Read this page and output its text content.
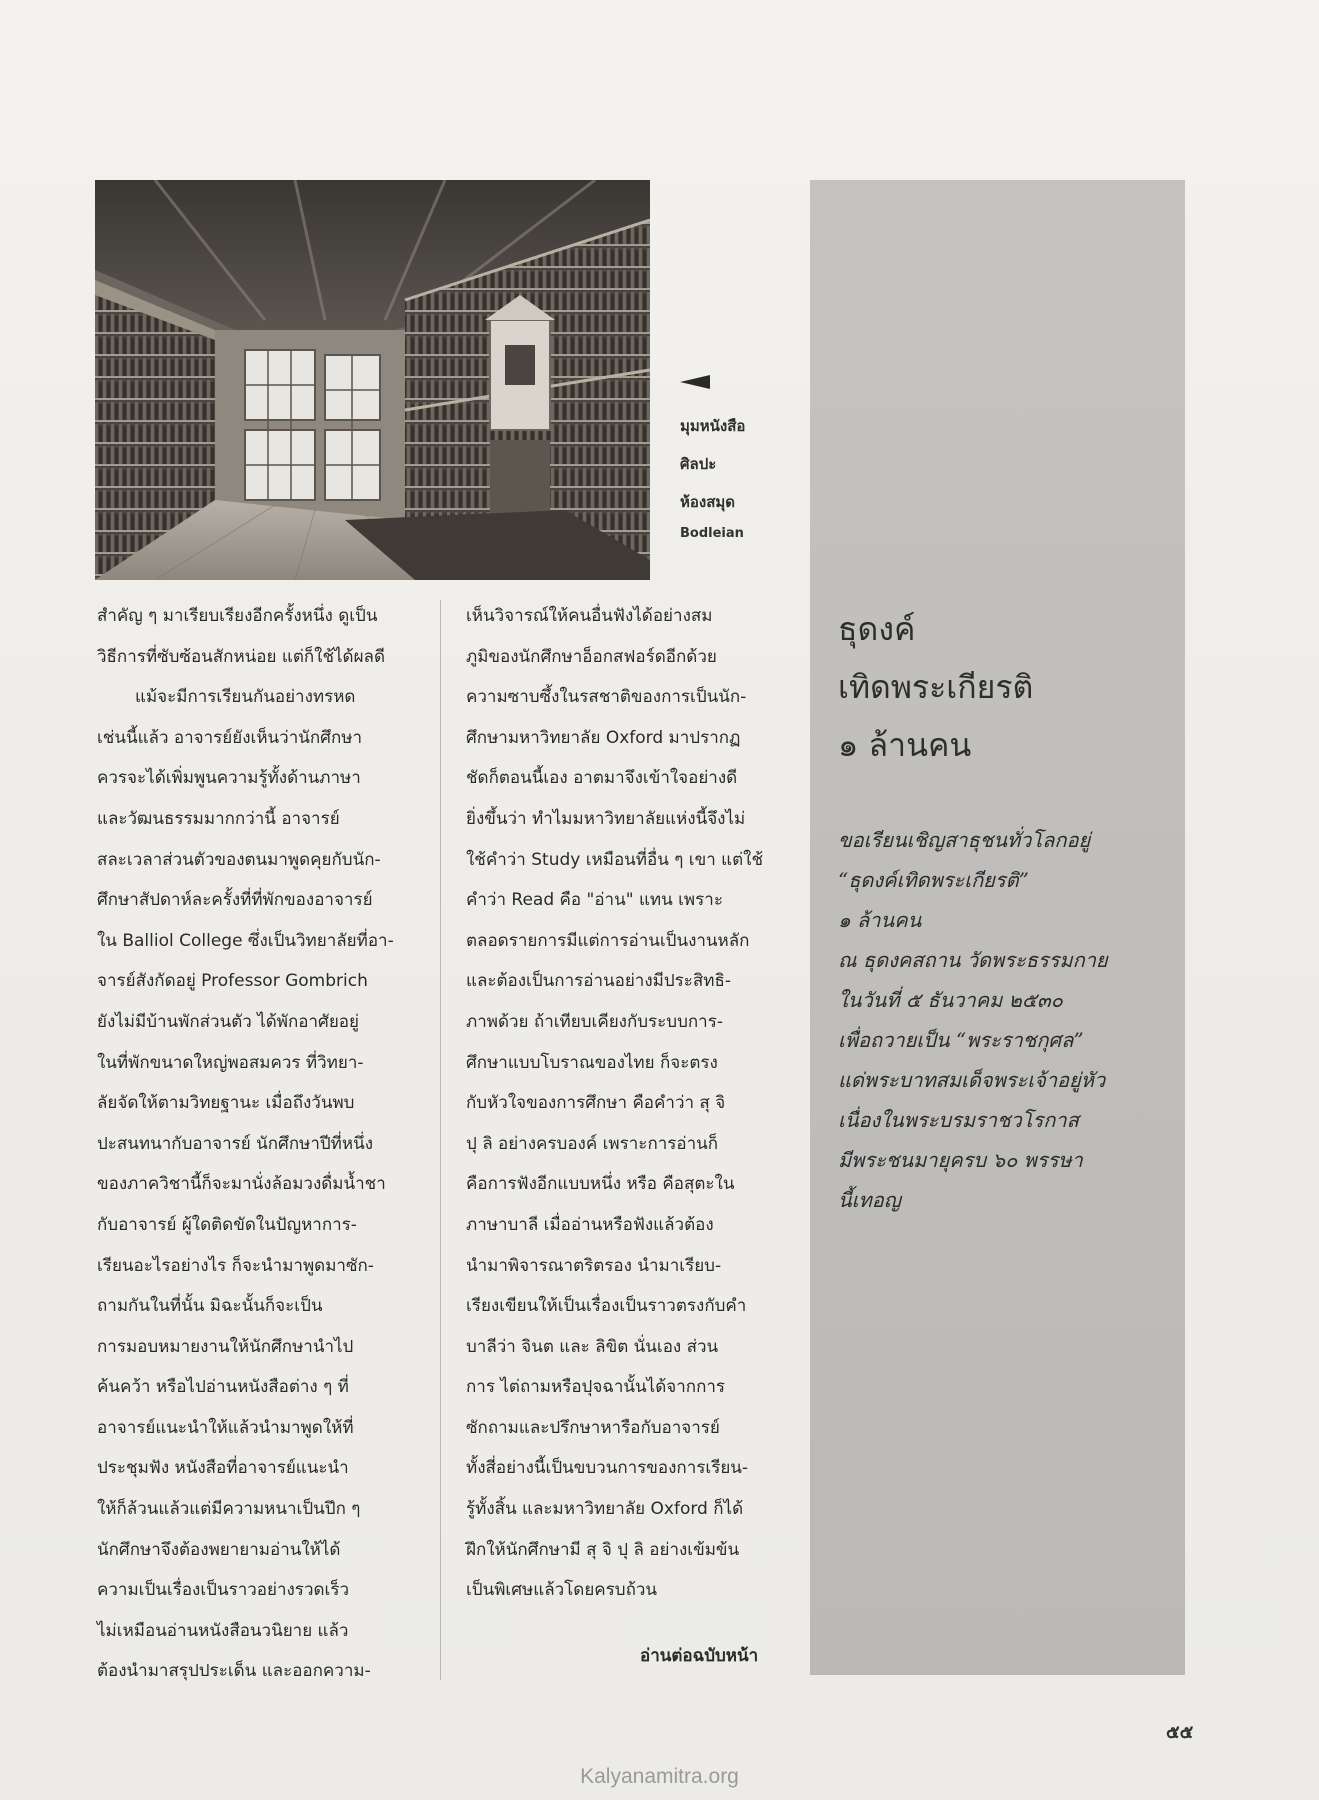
มุมหนังสือ
ศิลปะ
ห้องสมุด
Bodleian

สำคัญ ๆ มาเรียบเรียงอีกครั้งหนึ่ง ดูเป็น

วิธีการที่ซับซ้อนสักหน่อย แต่ก็ใช้ได้ผลดี

แม้จะมีการเรียนกันอย่างทรหด

เช่นนี้แล้ว อาจารย์ยังเห็นว่านักศึกษา

ควรจะได้เพิ่มพูนความรู้ทั้งด้านภาษา

และวัฒนธรรมมากกว่านี้ อาจารย์

สละเวลาส่วนตัวของตนมาพูดคุยกับนัก-

ศึกษาสัปดาห์ละครั้งที่ที่พักของอาจารย์

ใน Balliol College ซึ่งเป็นวิทยาลัยที่อา-

จารย์สังกัดอยู่ Professor Gombrich

ยังไม่มีบ้านพักส่วนตัว ได้พักอาศัยอยู่

ในที่พักขนาดใหญ่พอสมควร ที่วิทยา-

ลัยจัดให้ตามวิทยฐานะ เมื่อถึงวันพบ

ปะสนทนากับอาจารย์ นักศึกษาปีที่หนึ่ง

ของภาควิชานี้ก็จะมานั่งล้อมวงดื่มน้ำชา

กับอาจารย์ ผู้ใดติดขัดในปัญหาการ-

เรียนอะไรอย่างไร ก็จะนำมาพูดมาซัก-

ถามกันในที่นั้น มิฉะนั้นก็จะเป็น

การมอบหมายงานให้นักศึกษานำไป

ค้นคว้า หรือไปอ่านหนังสือต่าง ๆ ที่

อาจารย์แนะนำให้แล้วนำมาพูดให้ที่

ประชุมฟัง หนังสือที่อาจารย์แนะนำ

ให้ก็ล้วนแล้วแต่มีความหนาเป็นปึก ๆ

นักศึกษาจึงต้องพยายามอ่านให้ได้

ความเป็นเรื่องเป็นราวอย่างรวดเร็ว

ไม่เหมือนอ่านหนังสือนวนิยาย แล้ว

ต้องนำมาสรุปประเด็น และออกความ-

เห็นวิจารณ์ให้คนอื่นฟังได้อย่างสม

ภูมิของนักศึกษาอ็อกสฟอร์ดอีกด้วย

ความซาบซึ้งในรสชาติของการเป็นนัก-

ศึกษามหาวิทยาลัย Oxford มาปรากฏ

ชัดก็ตอนนี้เอง อาตมาจึงเข้าใจอย่างดี

ยิ่งขึ้นว่า ทำไมมหาวิทยาลัยแห่งนี้จึงไม่

ใช้คำว่า Study เหมือนที่อื่น ๆ เขา แต่ใช้

คำว่า Read คือ "อ่าน" แทน เพราะ

ตลอดรายการมีแต่การอ่านเป็นงานหลัก

และต้องเป็นการอ่านอย่างมีประสิทธิ-

ภาพด้วย ถ้าเทียบเคียงกับระบบการ-

ศึกษาแบบโบราณของไทย ก็จะตรง

กับหัวใจของการศึกษา คือคำว่า สุ จิ

ปุ ลิ อย่างครบองค์ เพราะการอ่านก็

คือการฟังอีกแบบหนึ่ง หรือ คือสุตะใน

ภาษาบาลี เมื่ออ่านหรือฟังแล้วต้อง

นำมาพิจารณาตริตรอง นำมาเรียบ-

เรียงเขียนให้เป็นเรื่องเป็นราวตรงกับคำ

บาลีว่า จินต และ ลิขิต นั่นเอง ส่วน

การ ไต่ถามหรือปุจฉานั้นได้จากการ

ซักถามและปรึกษาหารือกับอาจารย์

ทั้งสี่อย่างนี้เป็นขบวนการของการเรียน-

รู้ทั้งสิ้น และมหาวิทยาลัย Oxford ก็ได้

ฝึกให้นักศึกษามี สุ จิ ปุ ลิ อย่างเข้มข้น

เป็นพิเศษแล้วโดยครบถ้วน

อ่านต่อฉบับหน้า
ธุดงค์
เทิดพระเกียรติ
๑ ล้านคน
ขอเรียนเชิญสาธุชนทั่วโลกอยู่
“ธุดงค์เทิดพระเกียรติ”
๑ ล้านคน
ณ ธุดงคสถาน วัดพระธรรมกาย
ในวันที่ ๕ ธันวาคม ๒๕๓๐
เพื่อถวายเป็น “พระราชกุศล”
แด่พระบาทสมเด็จพระเจ้าอยู่หัว
เนื่องในพระบรมราชวโรกาส
มีพระชนมายุครบ ๖๐ พรรษา
นี้เทอญ
๕๕
Kalyanamitra.org
